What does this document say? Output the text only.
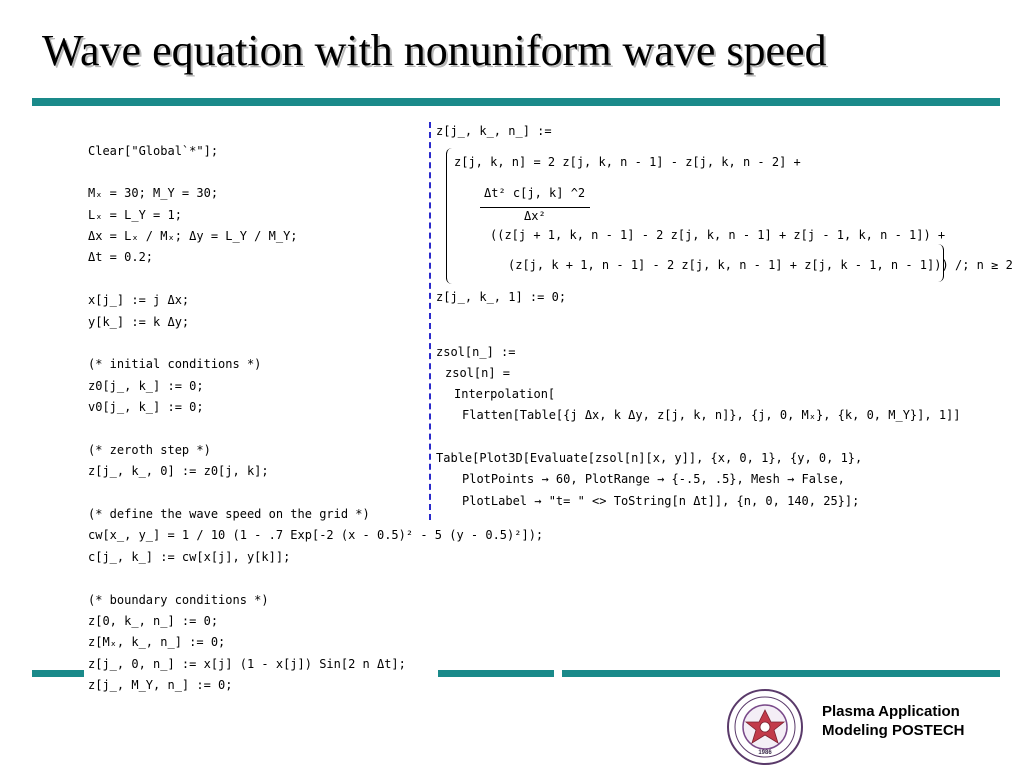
Wave equation with nonuniform wave speed
Clear["Global`*"];
Mₓ = 30; M_Y = 30;
Lₓ = L_Y = 1;
Δx = Lₓ / Mₓ; Δy = L_Y / M_Y;
Δt = 0.2;
x[j_] := j Δx;
y[k_] := k Δy;
(* initial conditions *)
z0[j_, k_] := 0;
v0[j_, k_] := 0;
(* zeroth step *)
z[j_, k_, 0] := z0[j, k];
(* define the wave speed on the grid *)
cw[x_, y_] = 1 / 10 (1 - .7 Exp[-2 (x - 0.5)² - 5 (y - 0.5)²]);
c[j_, k_] := cw[x[j], y[k]];
(* boundary conditions *)
z[0, k_, n_] := 0;
z[Mₓ, k_, n_] := 0;
z[j_, 0, n_] := x[j] (1 - x[j]) Sin[2 n Δt];
z[j_, M_Y, n_] := 0;
z[j_, k_, n_] :=
z[j, k, n] = 2 z[j, k, n - 1] - z[j, k, n - 2] +
Δt² c[j, k] ^2
Δx²
((z[j + 1, k, n - 1] - 2 z[j, k, n - 1] + z[j - 1, k, n - 1]) +
(z[j, k + 1, n - 1] - 2 z[j, k, n - 1] + z[j, k - 1, n - 1])) /; n ≥ 2
z[j_, k_, 1] := 0;
zsol[n_] :=
zsol[n] =
Interpolation[
Flatten[Table[{j Δx, k Δy, z[j, k, n]}, {j, 0, Mₓ}, {k, 0, M_Y}], 1]]
Table[Plot3D[Evaluate[zsol[n][x, y]], {x, 0, 1}, {y, 0, 1},
PlotPoints → 60, PlotRange → {-.5, .5}, Mesh → False,
PlotLabel → "t= " <> ToString[n Δt]], {n, 0, 140, 25}];
1986
Plasma Application
Modeling POSTECH
